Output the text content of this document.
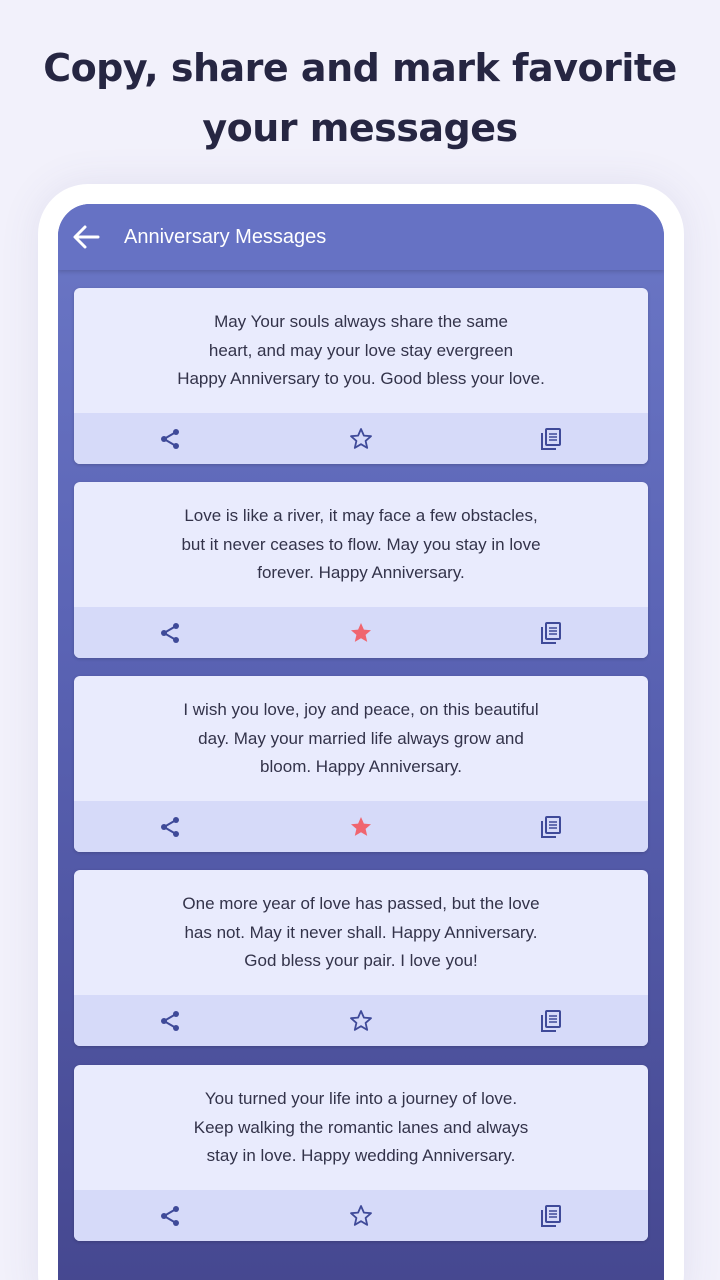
Copy, share and mark favorite
your messages
Anniversary Messages
May Your souls always share the same
heart, and may your love stay evergreen
Happy Anniversary to you. Good bless your love.
Love is like a river, it may face a few obstacles,
but it never ceases to flow. May you stay in love
forever. Happy Anniversary.
I wish you love, joy and peace, on this beautiful
day. May your married life always grow and
bloom. Happy Anniversary.
One more year of love has passed, but the love
has not. May it never shall. Happy Anniversary.
God bless your pair. I love you!
You turned your life into a journey of love.
Keep walking the romantic lanes and always
stay in love. Happy wedding Anniversary.
